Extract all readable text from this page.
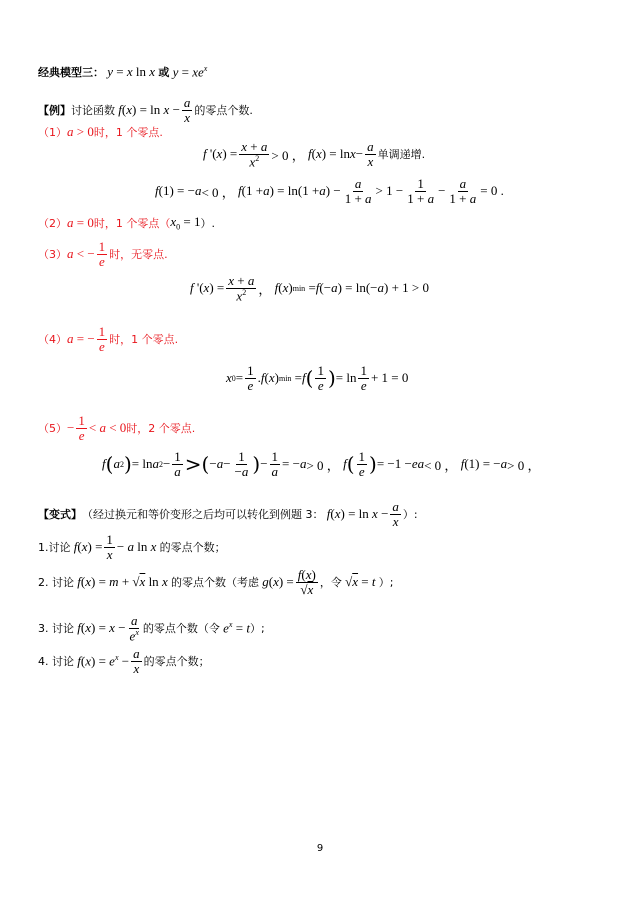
经典模型三： y = x ln x 或 $y = xe^x$
【例】 讨论函数 $f(x) = \ln x - \frac{a}{x}$ 的零点个数.
（1） a > 0 时，1 个零点.
f '( x ) = x + a
$x^2 > 0$ ， f ( x ) = ln x − a
x 单调递增.
f (1) = − a < 0 ， f (1 + a ) = ln(1 + a ) − a
1 + a > 1 − 1
1 + a − a
1 + a = 0 .
（2） a = 0 时，1 个零点（ $x_0 = 1$ ）.
（3） a < − $\frac{1}{e}$ 时，无零点.
f '( x ) = x + a
$x^2$ ， f ( x ) min = f (− a ) = ln(− a ) + 1 > 0
（4） a = − $\frac{1}{e}$ 时，1 个零点.
x 0 = 1
e . f ( x ) min = f ( 1
e ) = ln 1
e + 1 = 0
$(5) - \frac{1}{e} < a < 0$ 时，2 个零点.
f ( a 2 ) = ln a 2 − 1
a >( − a − 1
−a ) − 1
a = − a > 0 ， f ( 1
e ) = −1 − ea < 0 ， f (1) = − a > 0 ，
【变式】 （经过换元和等价变形之后均可以转化到例题 3： $f(x) = \ln x - \frac{a}{x}$ ）:
1.讨论 $f(x) = \frac{1}{x} - a$ ln x 的零点个数；
2. 讨论 f(x) = m + √x ln x 的零点个数（考虑 $g(x) = \frac{f(x)}{√x}$ ，令 √x = t ）;
3. 讨论 $f(x) = x - \frac{a}{e^x}$ 的零点个数（令 $e^x = t$ ）;
4. 讨论 $f(x) = e^x - \frac{a}{x}$ 的零点个数；
9
